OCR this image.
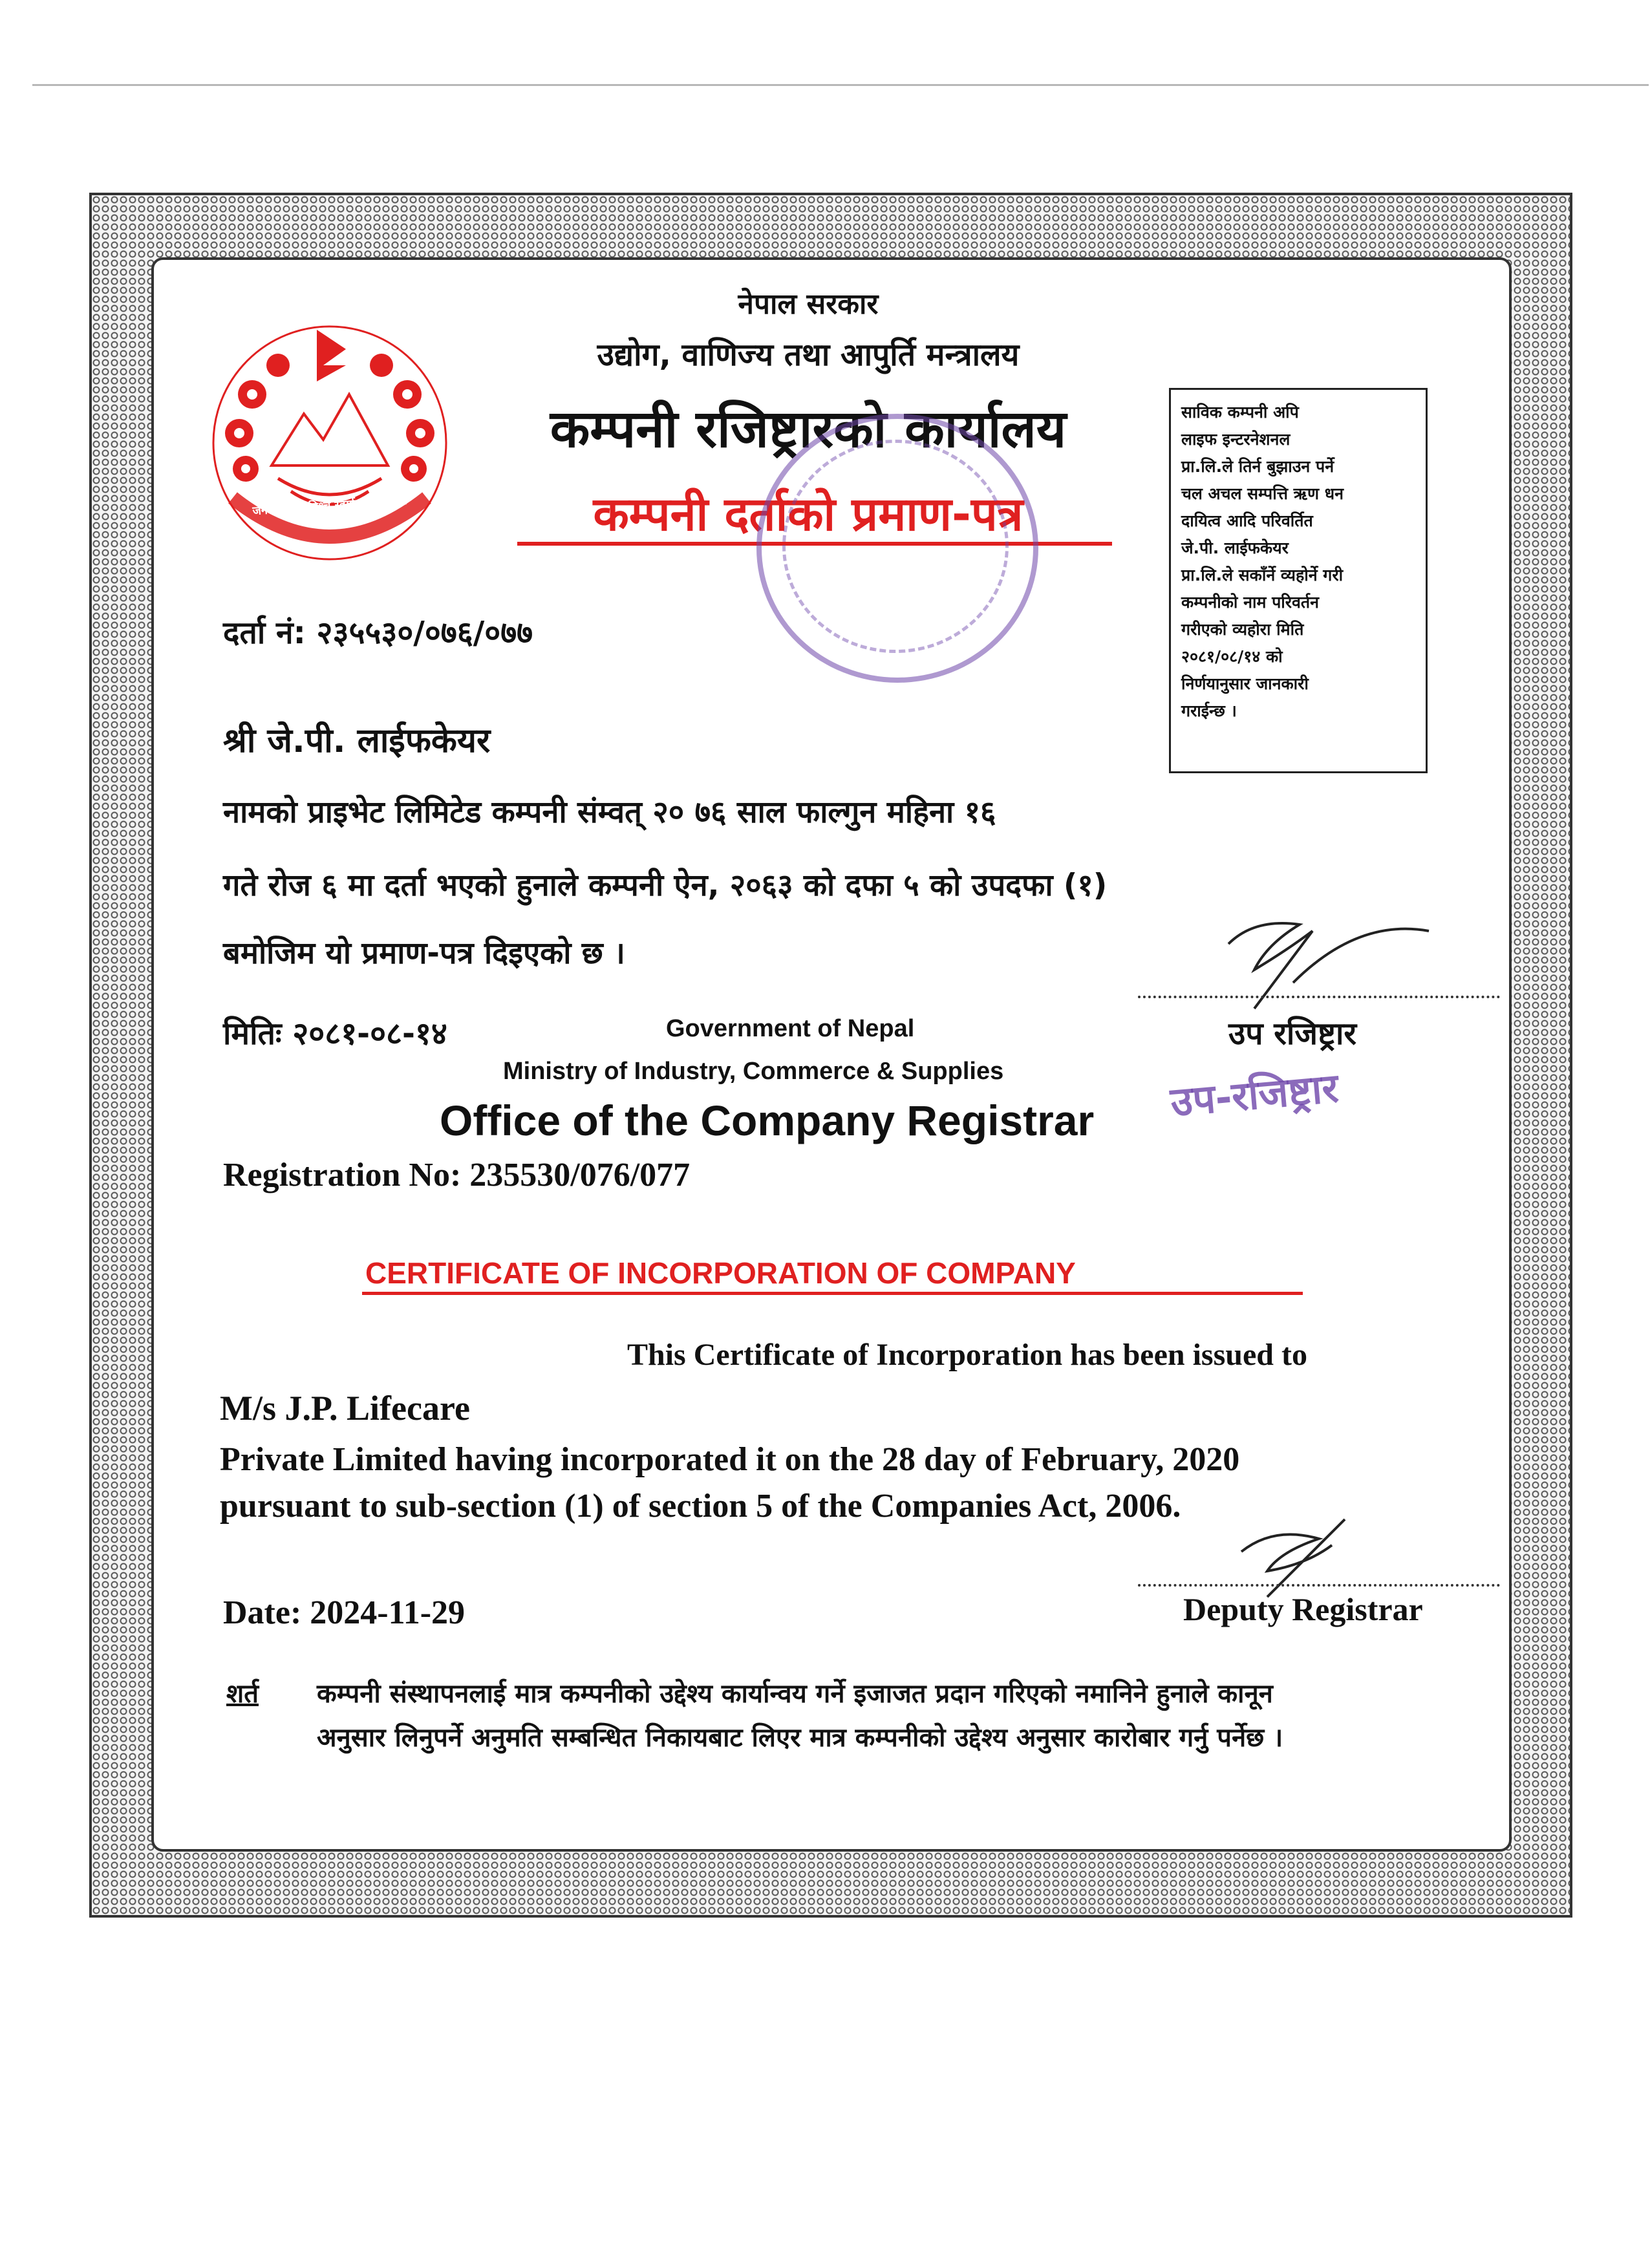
जननी जन्मभूमिश्च स्वर्गादपि गरीयसी
नेपाल सरकार
उद्योग, वाणिज्य तथा आपुर्ति मन्त्रालय
कम्पनी रजिष्ट्रारको कार्यालय
कम्पनी दर्ताको प्रमाण-पत्र
साविक कम्पनी अपि
लाइफ इन्टरनेशनल
प्रा.लि.ले तिर्न बुझाउन पर्ने
चल अचल सम्पत्ति ऋण धन
दायित्व आदि परिवर्तित
जे.पी. लाईफकेयर
प्रा.लि.ले सकाँर्ने व्यहोर्ने गरी
कम्पनीको नाम परिवर्तन
गरीएको व्यहोरा मिति
२०८१/०८/१४ को
निर्णयानुसार जानकारी
गराईन्छ ।
दर्ता नं: २३५५३०/०७६/०७७
श्री जे.पी. लाईफकेयर
नामको प्राइभेट लिमिटेड कम्पनी संम्वत् २० ७६ साल फाल्गुन महिना १६
गते रोज ६ मा दर्ता भएको हुनाले कम्पनी ऐन, २०६३ को दफा ५ को उपदफा (१)
बमोजिम यो प्रमाण-पत्र दिइएको छ ।
मितिः २०८१-०८-१४	उप रजिष्ट्रार
उप-रजिष्ट्रार
Government of Nepal
Ministry of Industry, Commerce & Supplies
Office of the Company Registrar
Registration No: 235530/076/077
CERTIFICATE OF INCORPORATION OF COMPANY
This Certificate of Incorporation has been issued to
M/s J.P. Lifecare
Private Limited having incorporated it on the 28 day of February, 2020
pursuant to sub-section (1) of section 5 of the Companies Act, 2006.
Date: 2024-11-29	Deputy Registrar
शर्त कम्पनी संस्थापनलाई मात्र कम्पनीको उद्देश्य कार्यान्वय गर्ने इजाजत प्रदान गरिएको नमानिने हुनाले कानून
अनुसार लिनुपर्ने अनुमति सम्बन्धित निकायबाट लिएर मात्र कम्पनीको उद्देश्य अनुसार कारोबार गर्नु पर्नेछ ।
